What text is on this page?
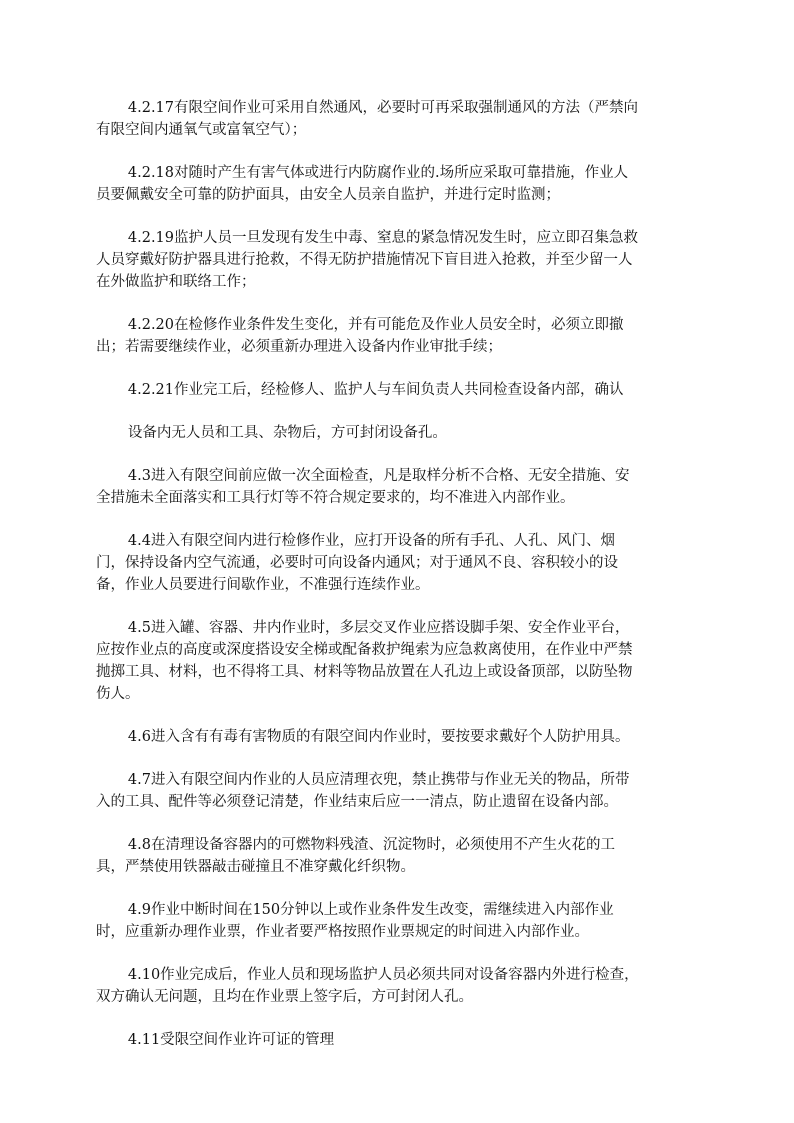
4.2.17有限空间作业可采用自然通风，必要时可再采取强制通风的方法（严禁向
有限空间内通氧气或富氧空气）；

4.2.18对随时产生有害气体或进行内防腐作业的.场所应采取可靠措施，作业人
员要佩戴安全可靠的防护面具，由安全人员亲自监护，并进行定时监测；

4.2.19监护人员一旦发现有发生中毒、窒息的紧急情况发生时，应立即召集急救
人员穿戴好防护器具进行抢救，不得无防护措施情况下盲目进入抢救，并至少留一人
在外做监护和联络工作；

4.2.20在检修作业条件发生变化，并有可能危及作业人员安全时，必须立即撤
出；若需要继续作业，必须重新办理进入设备内作业审批手续；

4.2.21作业完工后，经检修人、监护人与车间负责人共同检查设备内部，确认

设备内无人员和工具、杂物后，方可封闭设备孔。

4.3进入有限空间前应做一次全面检查，凡是取样分析不合格、无安全措施、安
全措施未全面落实和工具行灯等不符合规定要求的，均不准进入内部作业。

4.4进入有限空间内进行检修作业，应打开设备的所有手孔、人孔、风门、烟
门，保持设备内空气流通，必要时可向设备内通风；对于通风不良、容积较小的设
备，作业人员要进行间歇作业，不准强行连续作业。

4.5进入罐、容器、井内作业时，多层交叉作业应搭设脚手架、安全作业平台，
应按作业点的高度或深度搭设安全梯或配备救护绳索为应急救离使用，在作业中严禁
抛掷工具、材料，也不得将工具、材料等物品放置在人孔边上或设备顶部，以防坠物
伤人。

4.6进入含有有毒有害物质的有限空间内作业时，要按要求戴好个人防护用具。

4.7进入有限空间内作业的人员应清理衣兜，禁止携带与作业无关的物品，所带
入的工具、配件等必须登记清楚，作业结束后应一一清点，防止遗留在设备内部。

4.8在清理设备容器内的可燃物料残渣、沉淀物时，必须使用不产生火花的工
具，严禁使用铁器敲击碰撞且不准穿戴化纤织物。

4.9作业中断时间在150分钟以上或作业条件发生改变，需继续进入内部作业
时，应重新办理作业票，作业者要严格按照作业票规定的时间进入内部作业。

4.10作业完成后，作业人员和现场监护人员必须共同对设备容器内外进行检查，
双方确认无问题，且均在作业票上签字后，方可封闭人孔。

4.11受限空间作业许可证的管理
